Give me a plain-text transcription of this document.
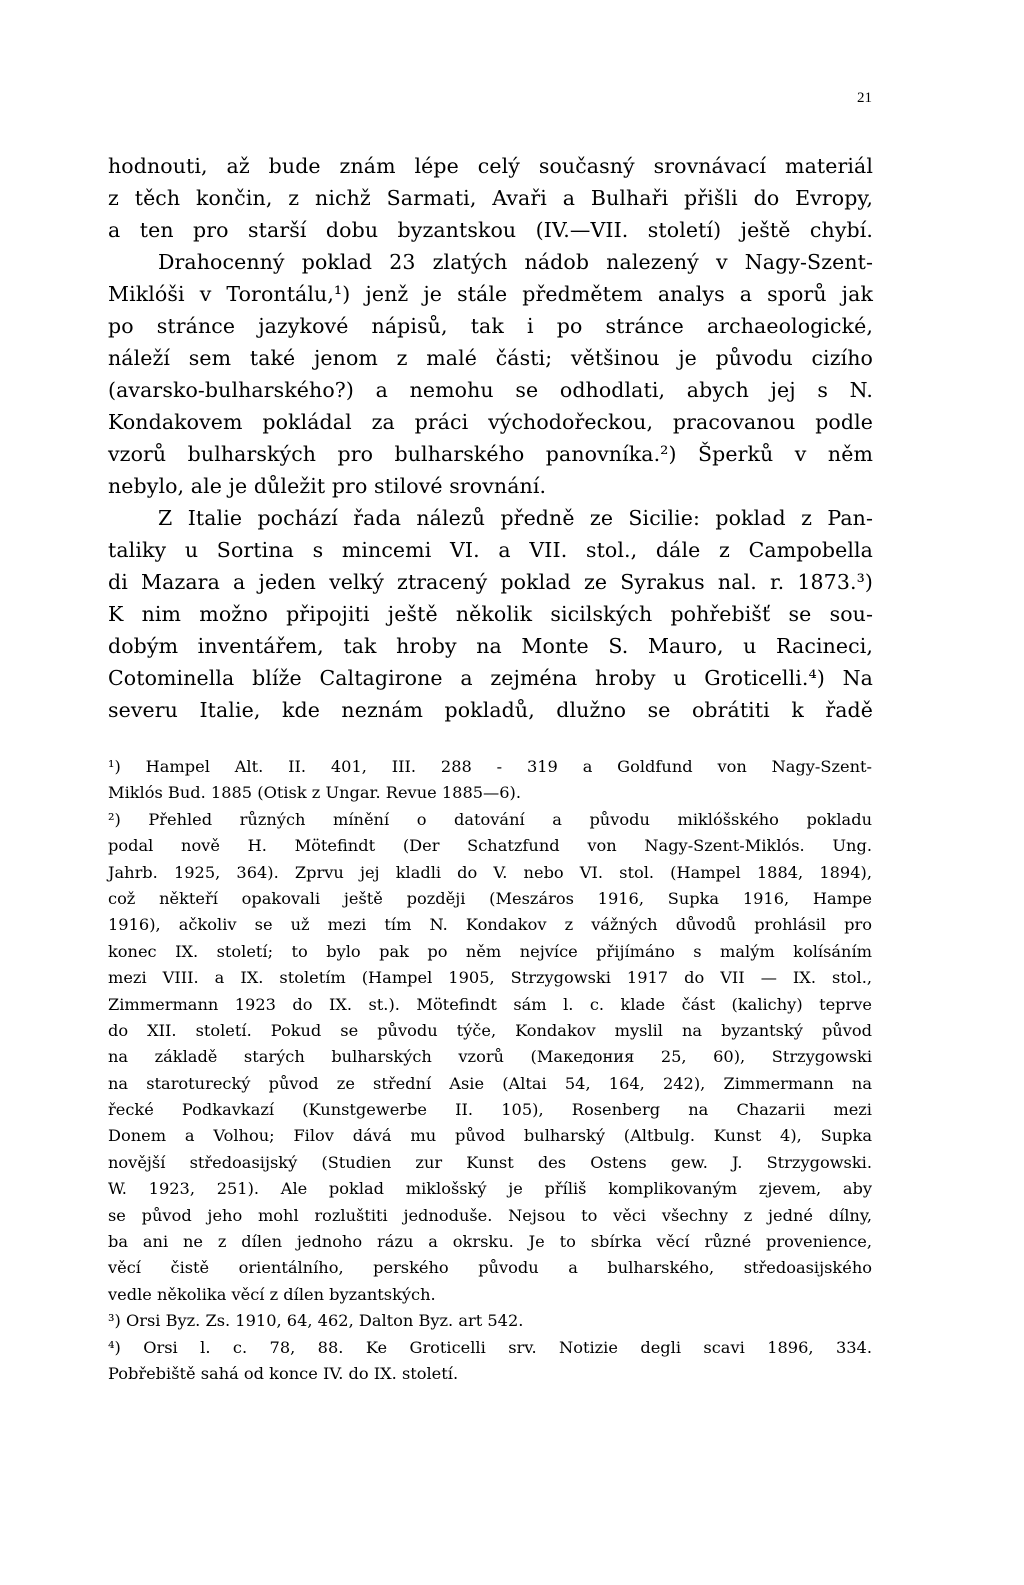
21
hodnouti, až bude znám lépe celý současný srovnávací materiál
z těch končin, z nichž Sarmati, Avaři a Bulhaři přišli do Evropy,
a ten pro starší dobu byzantskou (IV.—VII. století) ještě chybí.
Drahocenný poklad 23 zlatých nádob nalezený v Nagy-Szent-
Miklóši v Torontálu,¹) jenž je stále předmětem analys a sporů jak
po stránce jazykové nápisů, tak i po stránce archaeologické,
náleží sem také jenom z malé části; většinou je původu cizího
(avarsko-bulharského?) a nemohu se odhodlati, abych jej s N.
Kondakovem pokládal za práci východořeckou, pracovanou podle
vzorů bulharských pro bulharského panovníka.²) Šperků v něm
nebylo, ale je důležit pro stilové srovnání.
Z Italie pochází řada nálezů předně ze Sicilie: poklad z Pan-
taliky u Sortina s mincemi VI. a VII. stol., dále z Campobella
di Mazara a jeden velký ztracený poklad ze Syrakus nal. r. 1873.³)
K nim možno připojiti ještě několik sicilských pohřebišť se sou-
dobým inventářem, tak hroby na Monte S. Mauro, u Racineci,
Cotominella blíže Caltagirone a zejména hroby u Groticelli.⁴) Na
severu Italie, kde neznám pokladů, dlužno se obrátiti k řadě
¹) Hampel Alt. II. 401, III. 288 - 319 a Goldfund von Nagy-Szent-
Miklós Bud. 1885 (Otisk z Ungar. Revue 1885—6).
²) Přehled různých mínění o datování a původu miklóšského pokladu
podal nově H. Mötefindt (Der Schatzfund von Nagy-Szent-Miklós. Ung.
Jahrb. 1925, 364). Zprvu jej kladli do V. nebo VI. stol. (Hampel 1884, 1894),
což někteří opakovali ještě později (Meszáros 1916, Supka 1916, Hampe
1916), ačkoliv se už mezi tím N. Kondakov z vážných důvodů prohlásil pro
konec IX. století; to bylo pak po něm nejvíce přijímáno s malým kolísáním
mezi VIII. a IX. stoletím (Hampel 1905, Strzygowski 1917 do VII — IX. stol.,
Zimmermann 1923 do IX. st.). Mötefindt sám l. c. klade část (kalichy) teprve
do XII. století. Pokud se původu týče, Kondakov myslil na byzantský původ
na základě starých bulharských vzorů (Македония 25, 60), Strzygowski
na staroturecký původ ze střední Asie (Altai 54, 164, 242), Zimmermann na
řecké Podkavkazí (Kunstgewerbe II. 105), Rosenberg na Chazarii mezi
Donem a Volhou; Filov dává mu původ bulharský (Altbulg. Kunst 4), Supka
novější středoasijský (Studien zur Kunst des Ostens gew. J. Strzygowski.
W. 1923, 251). Ale poklad miklošský je příliš komplikovaným zjevem, aby
se původ jeho mohl rozluštiti jednoduše. Nejsou to věci všechny z jedné dílny,
ba ani ne z dílen jednoho rázu a okrsku. Je to sbírka věcí různé provenience,
věcí čistě orientálního, perského původu a bulharského, středoasijského
vedle několika věcí z dílen byzantských.
³) Orsi Byz. Zs. 1910, 64, 462, Dalton Byz. art 542.
⁴) Orsi l. c. 78, 88. Ke Groticelli srv. Notizie degli scavi 1896, 334.
Pobřebiště sahá od konce IV. do IX. století.
